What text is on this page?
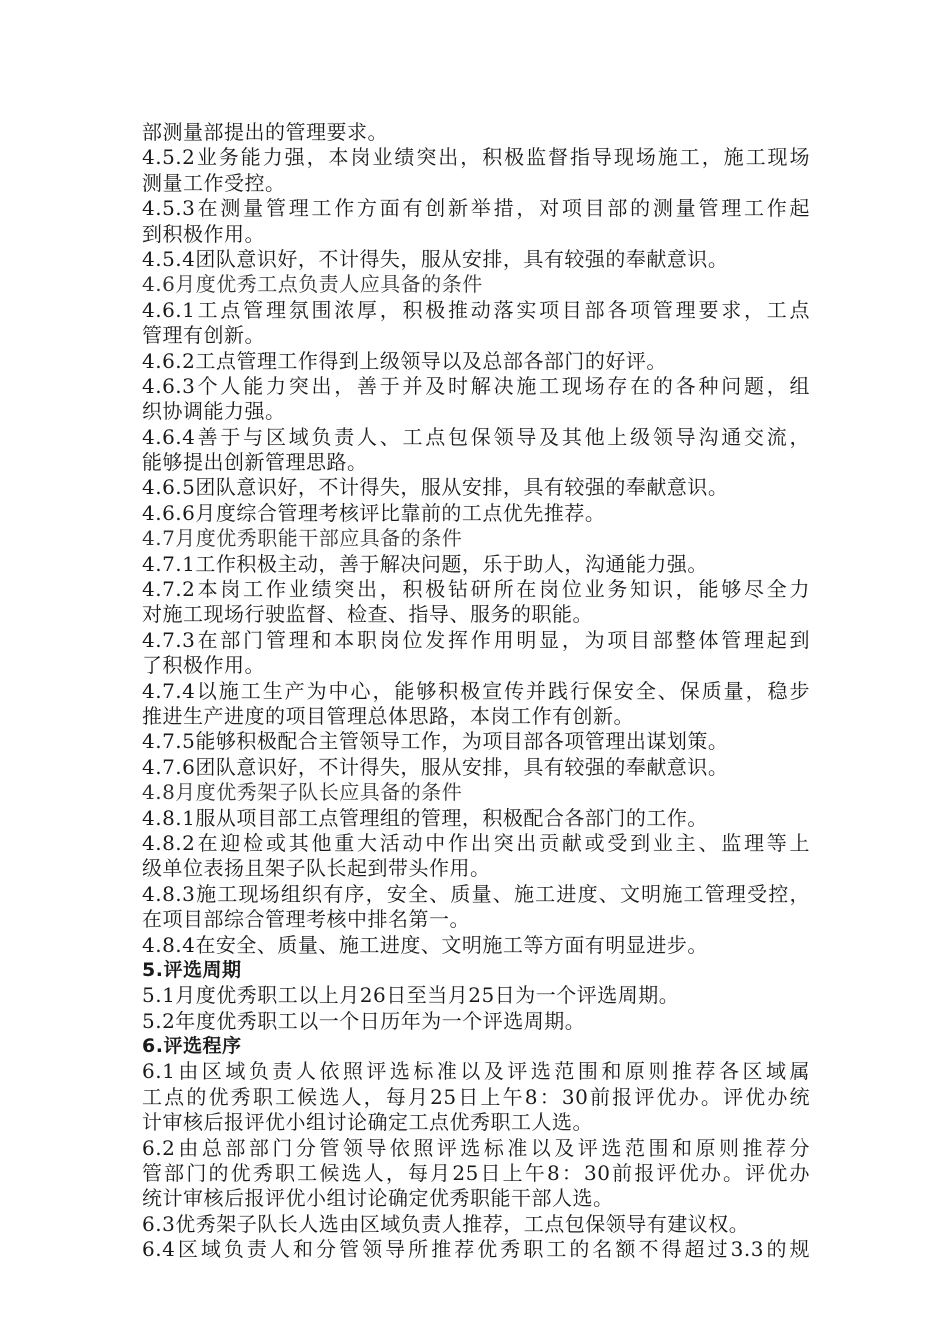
部测量部提出的管理要求。
4.5.2业务能力强，本岗业绩突出，积极监督指导现场施工，施工现场
测量工作受控。
4.5.3在测量管理工作方面有创新举措，对项目部的测量管理工作起
到积极作用。
4.5.4团队意识好，不计得失，服从安排，具有较强的奉献意识。
4.6月度优秀工点负责人应具备的条件
4.6.1工点管理氛围浓厚，积极推动落实项目部各项管理要求，工点
管理有创新。
4.6.2工点管理工作得到上级领导以及总部各部门的好评。
4.6.3个人能力突出，善于并及时解决施工现场存在的各种问题，组
织协调能力强。
4.6.4善于与区域负责人、工点包保领导及其他上级领导沟通交流，
能够提出创新管理思路。
4.6.5团队意识好，不计得失，服从安排，具有较强的奉献意识。
4.6.6月度综合管理考核评比靠前的工点优先推荐。
4.7月度优秀职能干部应具备的条件
4.7.1工作积极主动，善于解决问题，乐于助人，沟通能力强。
4.7.2本岗工作业绩突出，积极钻研所在岗位业务知识，能够尽全力
对施工现场行驶监督、检查、指导、服务的职能。
4.7.3在部门管理和本职岗位发挥作用明显，为项目部整体管理起到
了积极作用。
4.7.4以施工生产为中心，能够积极宣传并践行保安全、保质量，稳步
推进生产进度的项目管理总体思路，本岗工作有创新。
4.7.5能够积极配合主管领导工作，为项目部各项管理出谋划策。
4.7.6团队意识好，不计得失，服从安排，具有较强的奉献意识。
4.8月度优秀架子队长应具备的条件
4.8.1服从项目部工点管理组的管理，积极配合各部门的工作。
4.8.2在迎检或其他重大活动中作出突出贡献或受到业主、监理等上
级单位表扬且架子队长起到带头作用。
4.8.3施工现场组织有序，安全、质量、施工进度、文明施工管理受控，
在项目部综合管理考核中排名第一。
4.8.4在安全、质量、施工进度、文明施工等方面有明显进步。
5.评选周期
5.1月度优秀职工以上月26日至当月25日为一个评选周期。
5.2年度优秀职工以一个日历年为一个评选周期。
6.评选程序
6.1由区域负责人依照评选标准以及评选范围和原则推荐各区域属
工点的优秀职工候选人，每月25日上午8：30前报评优办。评优办统
计审核后报评优小组讨论确定工点优秀职工人选。
6.2由总部部门分管领导依照评选标准以及评选范围和原则推荐分
管部门的优秀职工候选人，每月25日上午8：30前报评优办。评优办
统计审核后报评优小组讨论确定优秀职能干部人选。
6.3优秀架子队长人选由区域负责人推荐，工点包保领导有建议权。
6.4区域负责人和分管领导所推荐优秀职工的名额不得超过3.3的规
